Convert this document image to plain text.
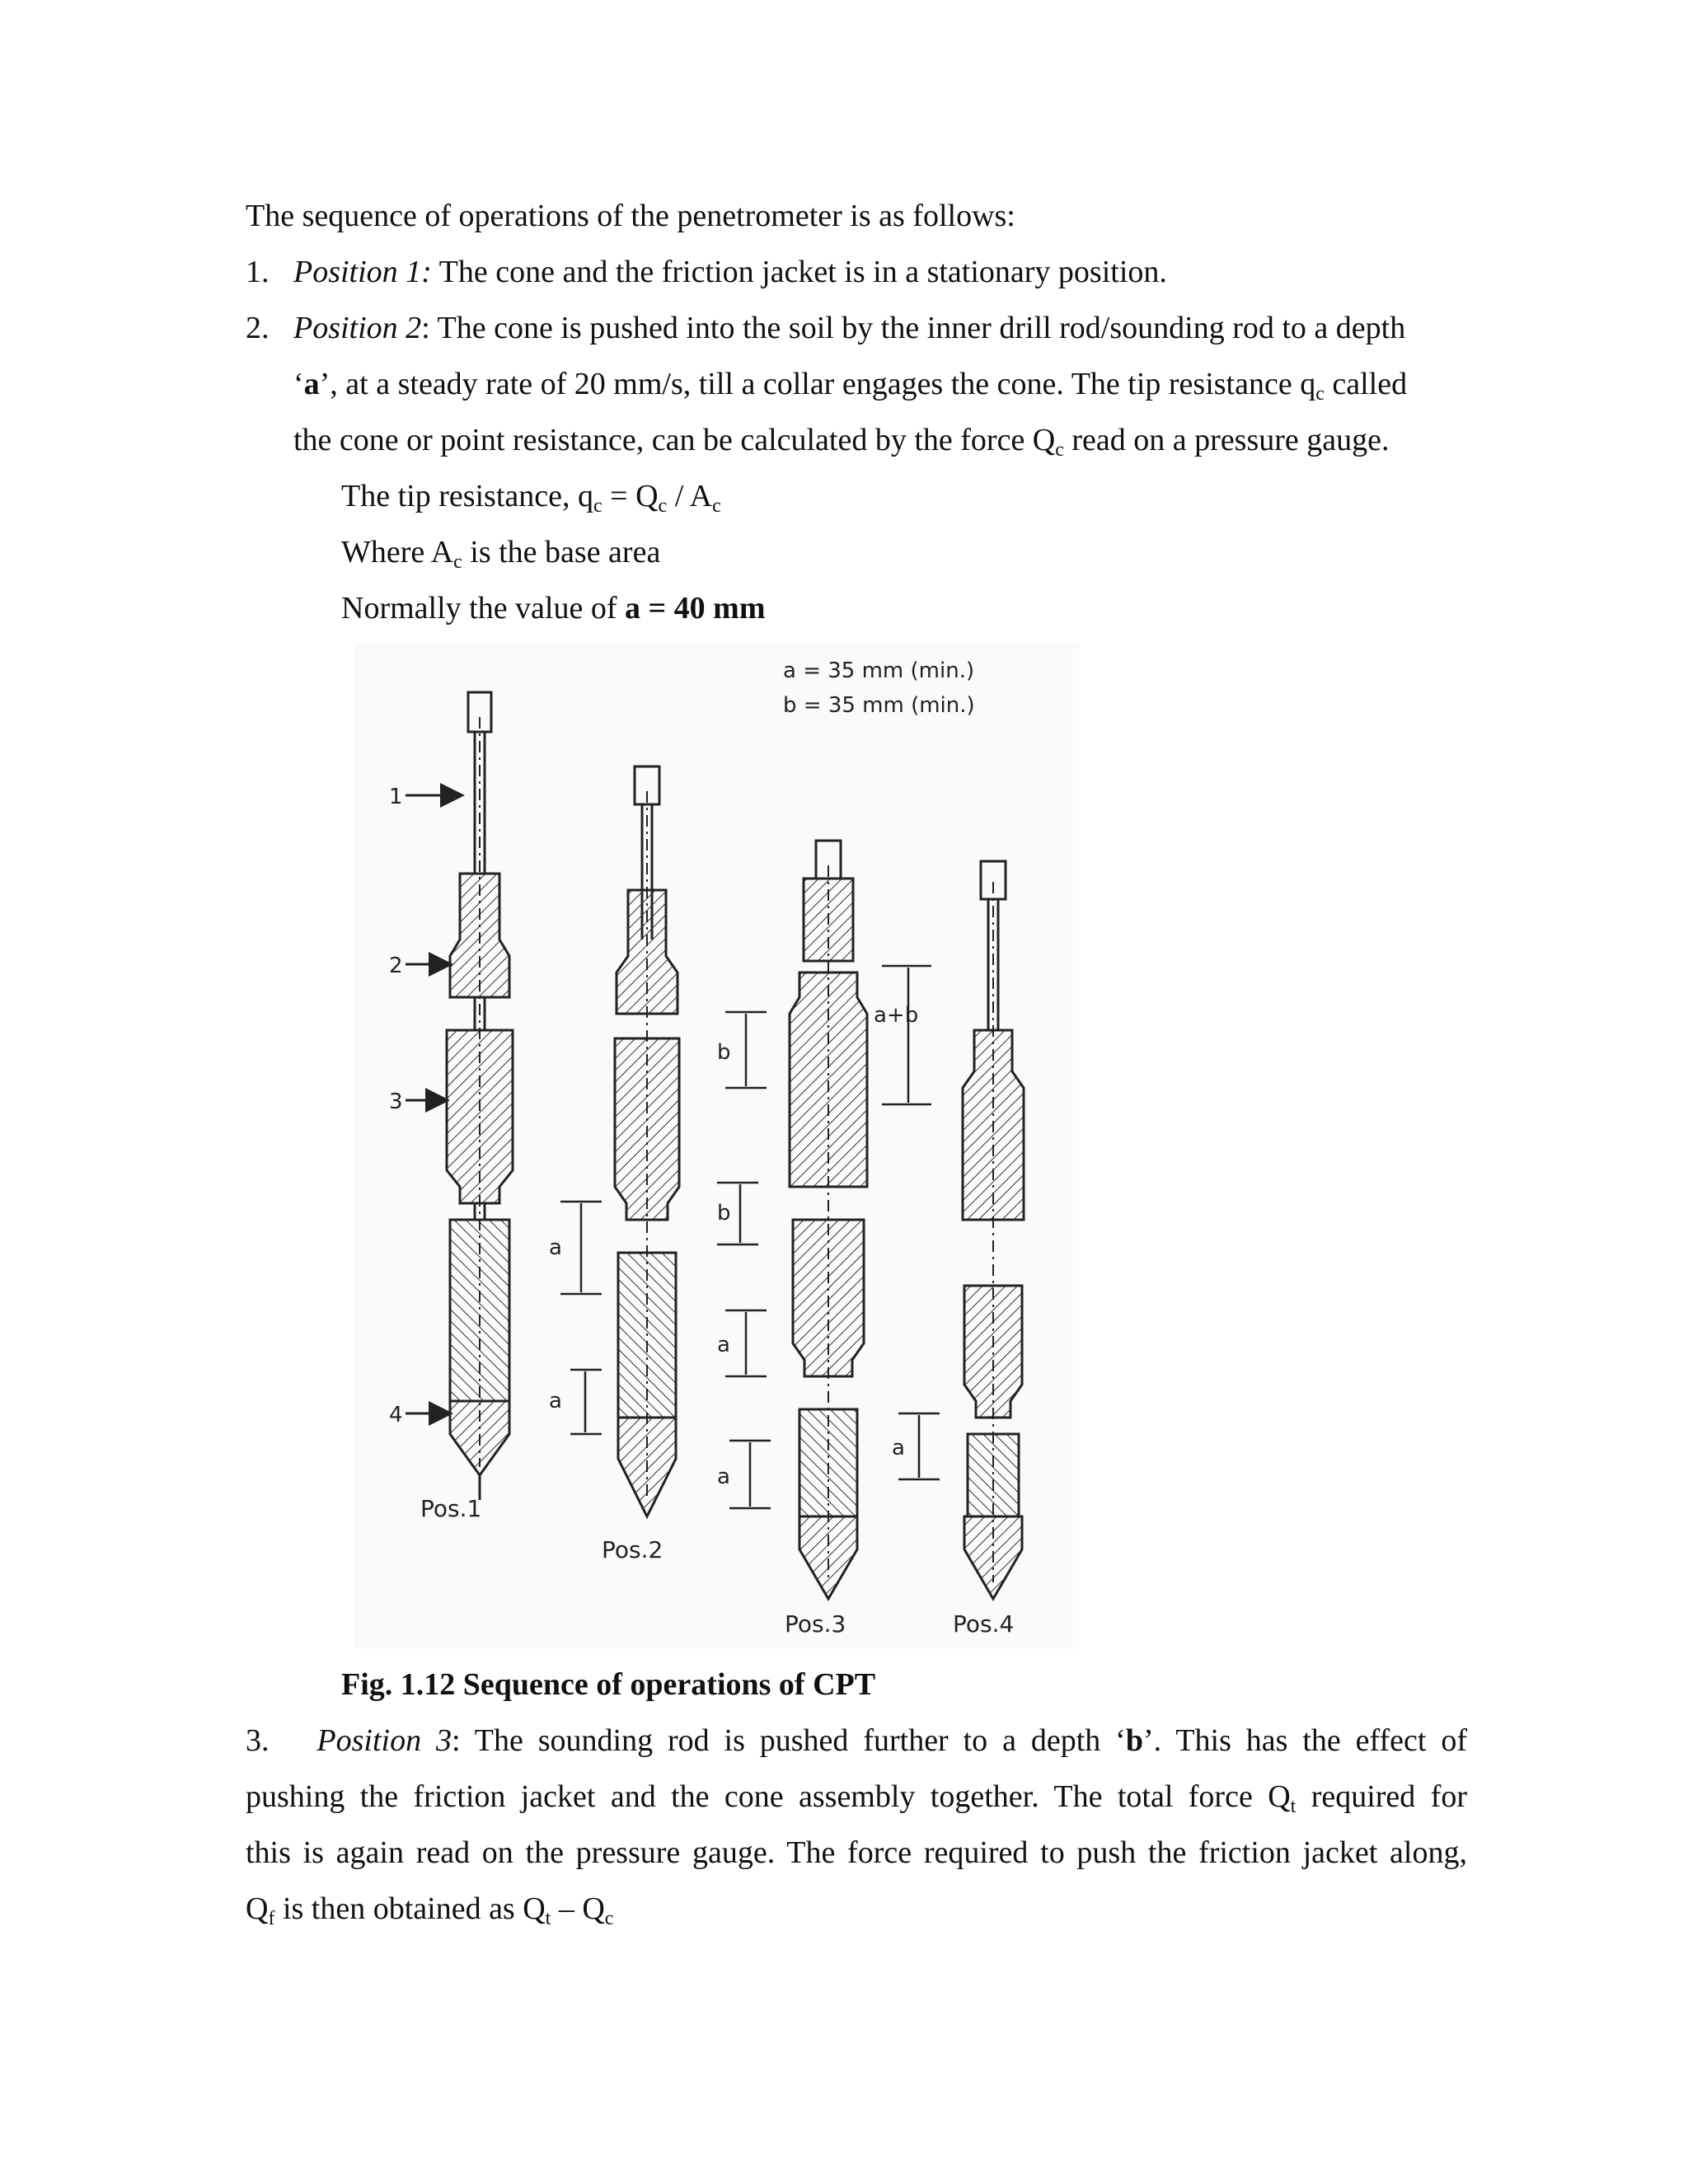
The sequence of operations of the penetrometer is as follows:
1. Position 1: The cone and the friction jacket is in a stationary position.
2. Position 2: The cone is pushed into the soil by the inner drill rod/sounding rod to a depth
‘a’, at a steady rate of 20 mm/s, till a collar engages the cone. The tip resistance $q_c$ called
the cone or point resistance, can be calculated by the force $Q_c$ read on a pressure gauge.
The tip resistance, $q_c = Q_c / A_c$
Where $A_c$ is the base area
Normally the value of a = 40 mm
a = 35 mm (min.)
b = 35 mm (min.)
1
2
3
4
Pos.1
a
a
Pos.2
b
b
a
a
Pos.3
a+b
a
Pos.4
Fig. 1.12 Sequence of operations of CPT
3. Position 3: The sounding rod is pushed further to a depth ‘b’. This has the effect of
pushing the friction jacket and the cone assembly together. The total force $Q_t$ required for
this is again read on the pressure gauge. The force required to push the friction jacket along,
$Q_f$ is then obtained as $Q_t - Q_c$
